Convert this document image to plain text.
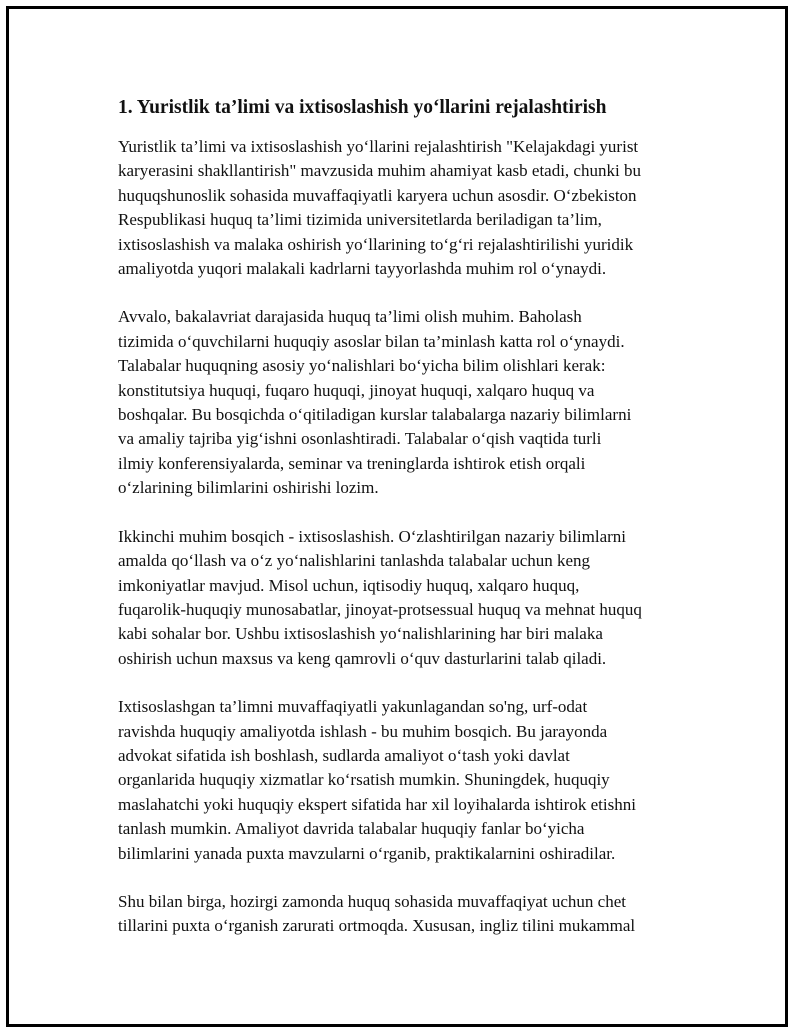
1. Yuristlik ta’limi va ixtisoslashish yo‘llarini rejalashtirish

Yuristlik ta’limi va ixtisoslashish yo‘llarini rejalashtirish "Kelajakdagi yurist
karyerasini shakllantirish" mavzusida muhim ahamiyat kasb etadi, chunki bu
huquqshunoslik sohasida muvaffaqiyatli karyera uchun asosdir. O‘zbekiston
Respublikasi huquq ta’limi tizimida universitetlarda beriladigan ta’lim,
ixtisoslashish va malaka oshirish yo‘llarining to‘g‘ri rejalashtirilishi yuridik
amaliyotda yuqori malakali kadrlarni tayyorlashda muhim rol o‘ynaydi.

Avvalo, bakalavriat darajasida huquq ta’limi olish muhim. Baholash
tizimida o‘quvchilarni huquqiy asoslar bilan ta’minlash katta rol o‘ynaydi.
Talabalar huquqning asosiy yo‘nalishlari bo‘yicha bilim olishlari kerak:
konstitutsiya huquqi, fuqaro huquqi, jinoyat huquqi, xalqaro huquq va
boshqalar. Bu bosqichda o‘qitiladigan kurslar talabalarga nazariy bilimlarni
va amaliy tajriba yig‘ishni osonlashtiradi. Talabalar o‘qish vaqtida turli
ilmiy konferensiyalarda, seminar va treninglarda ishtirok etish orqali
o‘zlarining bilimlarini oshirishi lozim.

Ikkinchi muhim bosqich - ixtisoslashish. O‘zlashtirilgan nazariy bilimlarni
amalda qo‘llash va o‘z yo‘nalishlarini tanlashda talabalar uchun keng
imkoniyatlar mavjud. Misol uchun, iqtisodiy huquq, xalqaro huquq,
fuqarolik-huquqiy munosabatlar, jinoyat-protsessual huquq va mehnat huquq
kabi sohalar bor. Ushbu ixtisoslashish yo‘nalishlarining har biri malaka
oshirish uchun maxsus va keng qamrovli o‘quv dasturlarini talab qiladi.

Ixtisoslashgan ta’limni muvaffaqiyatli yakunlagandan so'ng, urf-odat
ravishda huquqiy amaliyotda ishlash - bu muhim bosqich. Bu jarayonda
advokat sifatida ish boshlash, sudlarda amaliyot o‘tash yoki davlat
organlarida huquqiy xizmatlar ko‘rsatish mumkin. Shuningdek, huquqiy
maslahatchi yoki huquqiy ekspert sifatida har xil loyihalarda ishtirok etishni
tanlash mumkin. Amaliyot davrida talabalar huquqiy fanlar bo‘yicha
bilimlarini yanada puxta mavzularni o‘rganib, praktikalarnini oshiradilar.

Shu bilan birga, hozirgi zamonda huquq sohasida muvaffaqiyat uchun chet
tillarini puxta o‘rganish zarurati ortmoqda. Xususan, ingliz tilini mukammal
